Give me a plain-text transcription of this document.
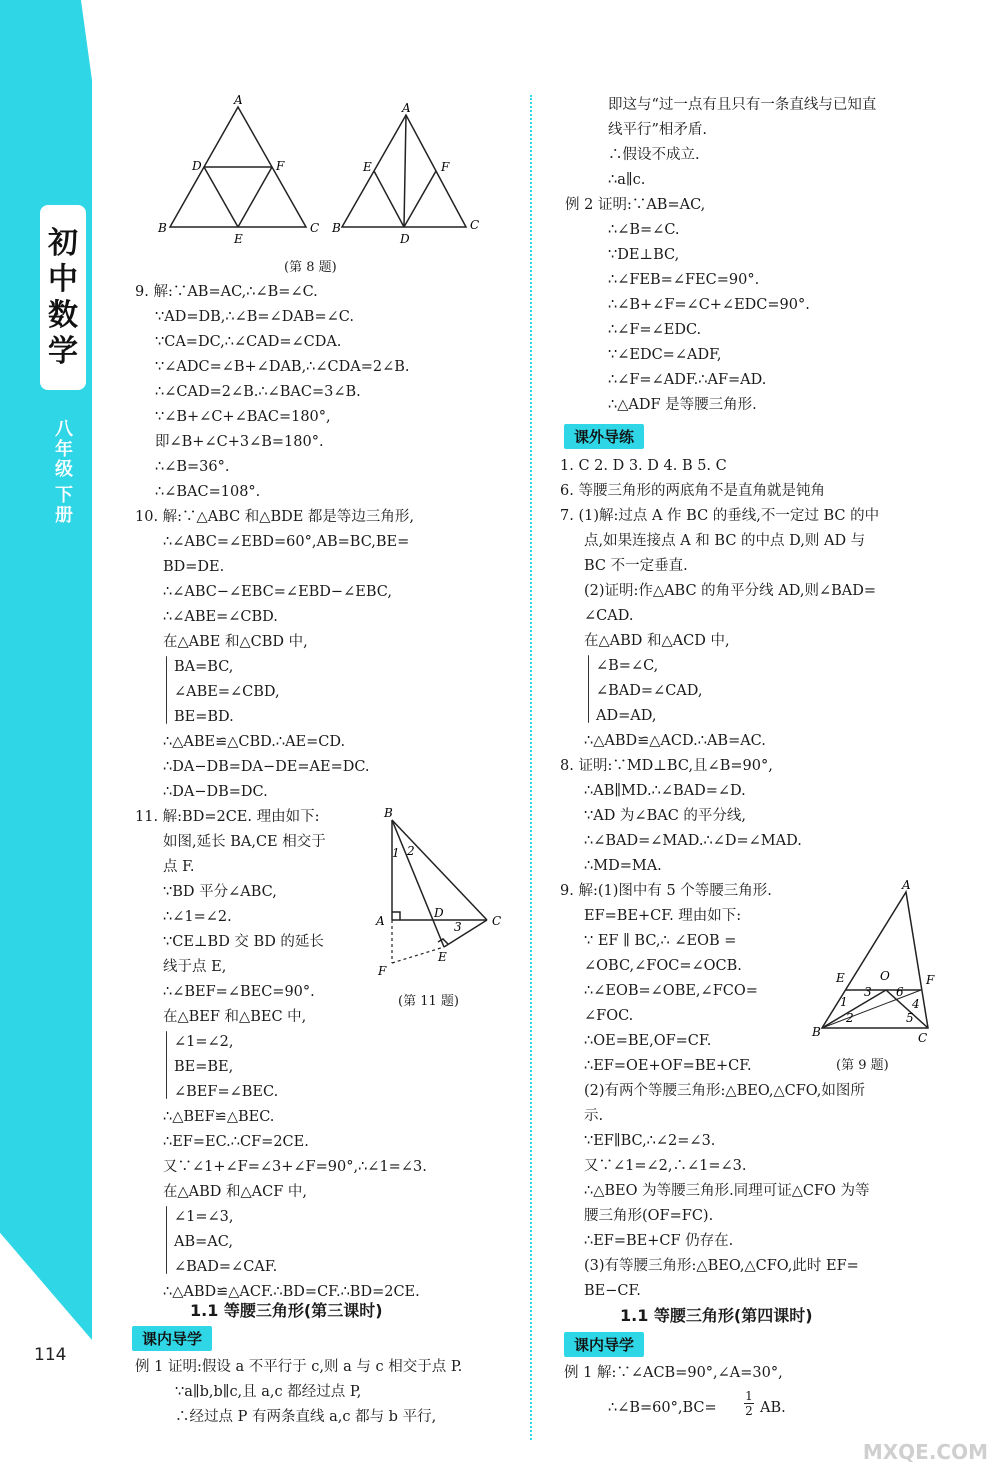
初
中
数
学
八
年
级
下
册
114
A
D	F
B
E
C
A
E	F
B
D
C
(第 8 题)
9. 解:∵AB=AC,∴∠B=∠C.
∵AD=DB,∴∠B=∠DAB=∠C.
∵CA=DC,∴∠CAD=∠CDA.
∵∠ADC=∠B+∠DAB,∴∠CDA=2∠B.
∴∠CAD=2∠B.∴∠BAC=3∠B.
∵∠B+∠C+∠BAC=180°,
即∠B+∠C+3∠B=180°.
∴∠B=36°.
∴∠BAC=108°.
10. 解:∵△ABC 和△BDE 都是等边三角形,
∴∠ABC=∠EBD=60°,AB=BC,BE=
BD=DE.
∴∠ABC−∠EBC=∠EBD−∠EBC,
∴∠ABE=∠CBD.
在△ABE 和△CBD 中,
BA=BC,
∠ABE=∠CBD,
BE=BD.
∴△ABE≌△CBD.∴AE=CD.
∴DA−DB=DA−DE=AE=DC.
∴DA−DB=DC.
11. 解:BD=2CE. 理由如下:
如图,延长 BA,CE 相交于
点 F.
∵BD 平分∠ABC,
∴∠1=∠2.
∵CE⊥BD 交 BD 的延长
线于点 E,
∴∠BEF=∠BEC=90°.
在△BEF 和△BEC 中,
∠1=∠2,
BE=BE,
∠BEF=∠BEC.
∴△BEF≌△BEC.
∴EF=EC.∴CF=2CE.
又∵∠1+∠F=∠3+∠F=90°,∴∠1=∠3.
在△ABD 和△ACF 中,
∠1=∠3,
AB=AC,
∠BAD=∠CAF.
∴△ABD≌△ACF.∴BD=CF.∴BD=2CE.
B
1 2
A
D
3	C
E
F
(第 11 题)
1.1 等腰三角形(第三课时)
课内导学
例 1 证明:假设 a 不平行于 c,则 a 与 c 相交于点 P.
∵a∥b,b∥c,且 a,c 都经过点 P,
∴经过点 P 有两条直线 a,c 都与 b 平行,
即这与“过一点有且只有一条直线与已知直
线平行”相矛盾.
∴假设不成立.
∴a∥c.
例 2 证明:∵AB=AC,
∴∠B=∠C.
∵DE⊥BC,
∴∠FEB=∠FEC=90°.
∴∠B+∠F=∠C+∠EDC=90°.
∴∠F=∠EDC.
∵∠EDC=∠ADF,
∴∠F=∠ADF.∴AF=AD.
∴△ADF 是等腰三角形.
1. C 2. D 3. D 4. B 5. C
6. 等腰三角形的两底角不是直角就是钝角
7. (1)解:过点 A 作 BC 的垂线,不一定过 BC 的中
点,如果连接点 A 和 BC 的中点 D,则 AD 与
BC 不一定垂直.
(2)证明:作△ABC 的角平分线 AD,则∠BAD=
∠CAD.
在△ABD 和△ACD 中,
∠B=∠C,
∠BAD=∠CAD,
AD=AD,
∴△ABD≌△ACD.∴AB=AC.
8. 证明:∵MD⊥BC,且∠B=90°,
∴AB∥MD.∴∠BAD=∠D.
∵AD 为∠BAC 的平分线,
∴∠BAD=∠MAD.∴∠D=∠MAD.
∴MD=MA.
9. 解:(1)图中有 5 个等腰三角形.
EF=BE+CF. 理由如下:
∵ EF ∥ BC,∴ ∠EOB =
∠OBC,∠FOC=∠OCB.
∴∠EOB=∠OBE,∠FCO=
∠FOC.
∴OE=BE,OF=CF.
∴EF=OE+OF=BE+CF.
(2)有两个等腰三角形:△BEO,△CFO,如图所
示.
∵EF∥BC,∴∠2=∠3.
又∵∠1=∠2,∴∠1=∠3.
∴△BEO 为等腰三角形.同理可证△CFO 为等
腰三角形(OF=FC).
∴EF=BE+CF 仍存在.
(3)有等腰三角形:△BEO,△CFO,此时 EF=
BE−CF.
课外导练
A
E	O	F
1
3 6
4
2	5
B	C
(第 9 题)
1.1 等腰三角形(第四课时)
课内导学
例 1 解:∵∠ACB=90°,∠A=30°,
∴∠B=60°,BC=
1
2 AB.
MXQE.COM
